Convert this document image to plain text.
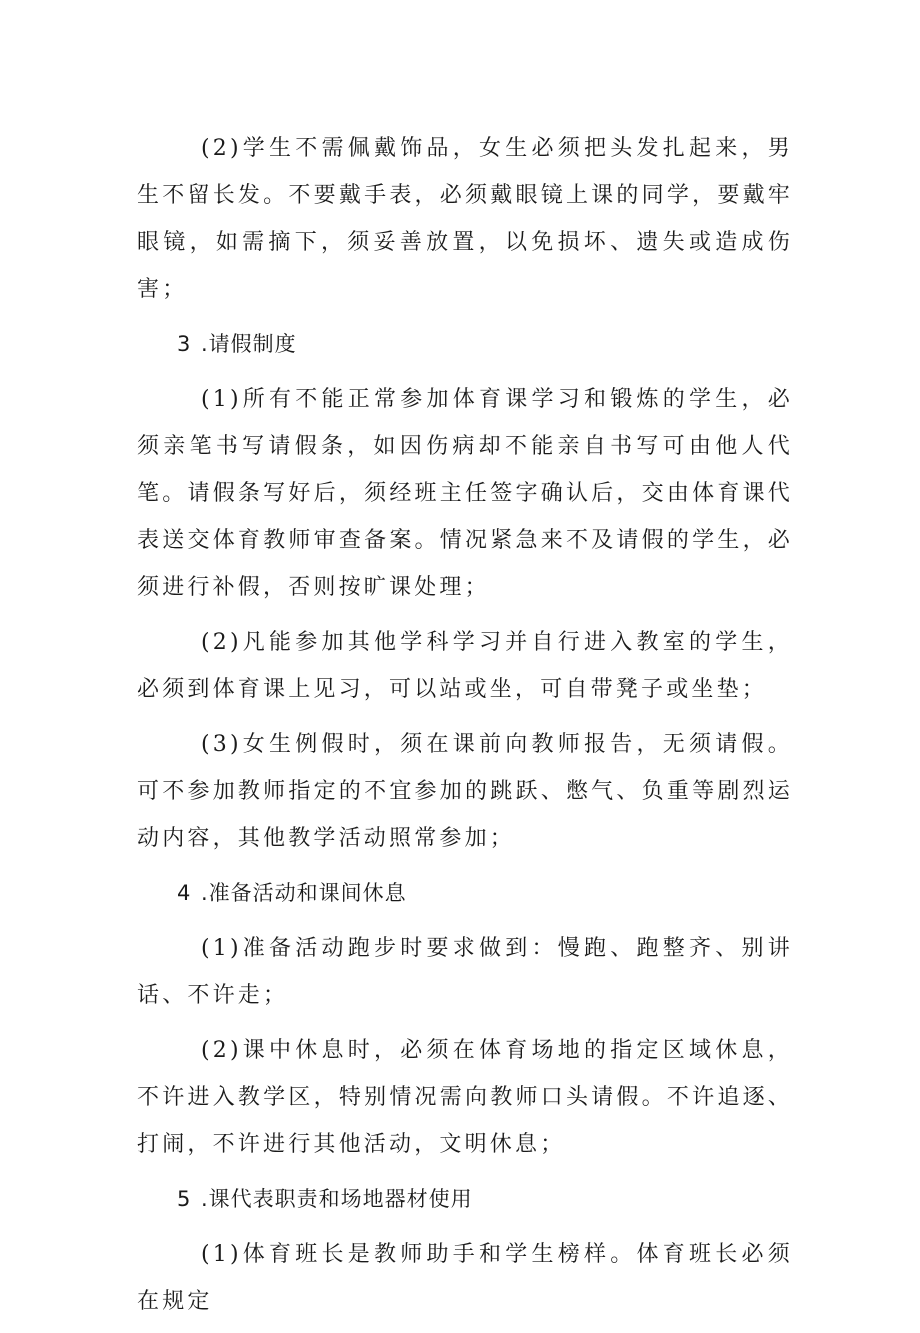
(2)学生不需佩戴饰品，女生必须把头发扎起来，男生不留长发。不要戴手表，必须戴眼镜上课的同学，要戴牢眼镜，如需摘下，须妥善放置，以免损坏、遗失或造成伤害；

3 .请假制度

(1)所有不能正常参加体育课学习和锻炼的学生，必须亲笔书写请假条，如因伤病却不能亲自书写可由他人代笔。请假条写好后，须经班主任签字确认后，交由体育课代表送交体育教师审查备案。情况紧急来不及请假的学生，必须进行补假，否则按旷课处理；

(2)凡能参加其他学科学习并自行进入教室的学生，必须到体育课上见习，可以站或坐，可自带凳子或坐垫；

(3)女生例假时，须在课前向教师报告，无须请假。可不参加教师指定的不宜参加的跳跃、憋气、负重等剧烈运动内容，其他教学活动照常参加；

4 .准备活动和课间休息

(1)准备活动跑步时要求做到：慢跑、跑整齐、别讲话、不许走；

(2)课中休息时，必须在体育场地的指定区域休息，不许进入教学区，特别情况需向教师口头请假。不许追逐、打闹，不许进行其他活动，文明休息；

5 .课代表职责和场地器材使用

(1)体育班长是教师助手和学生榜样。体育班长必须在规定
